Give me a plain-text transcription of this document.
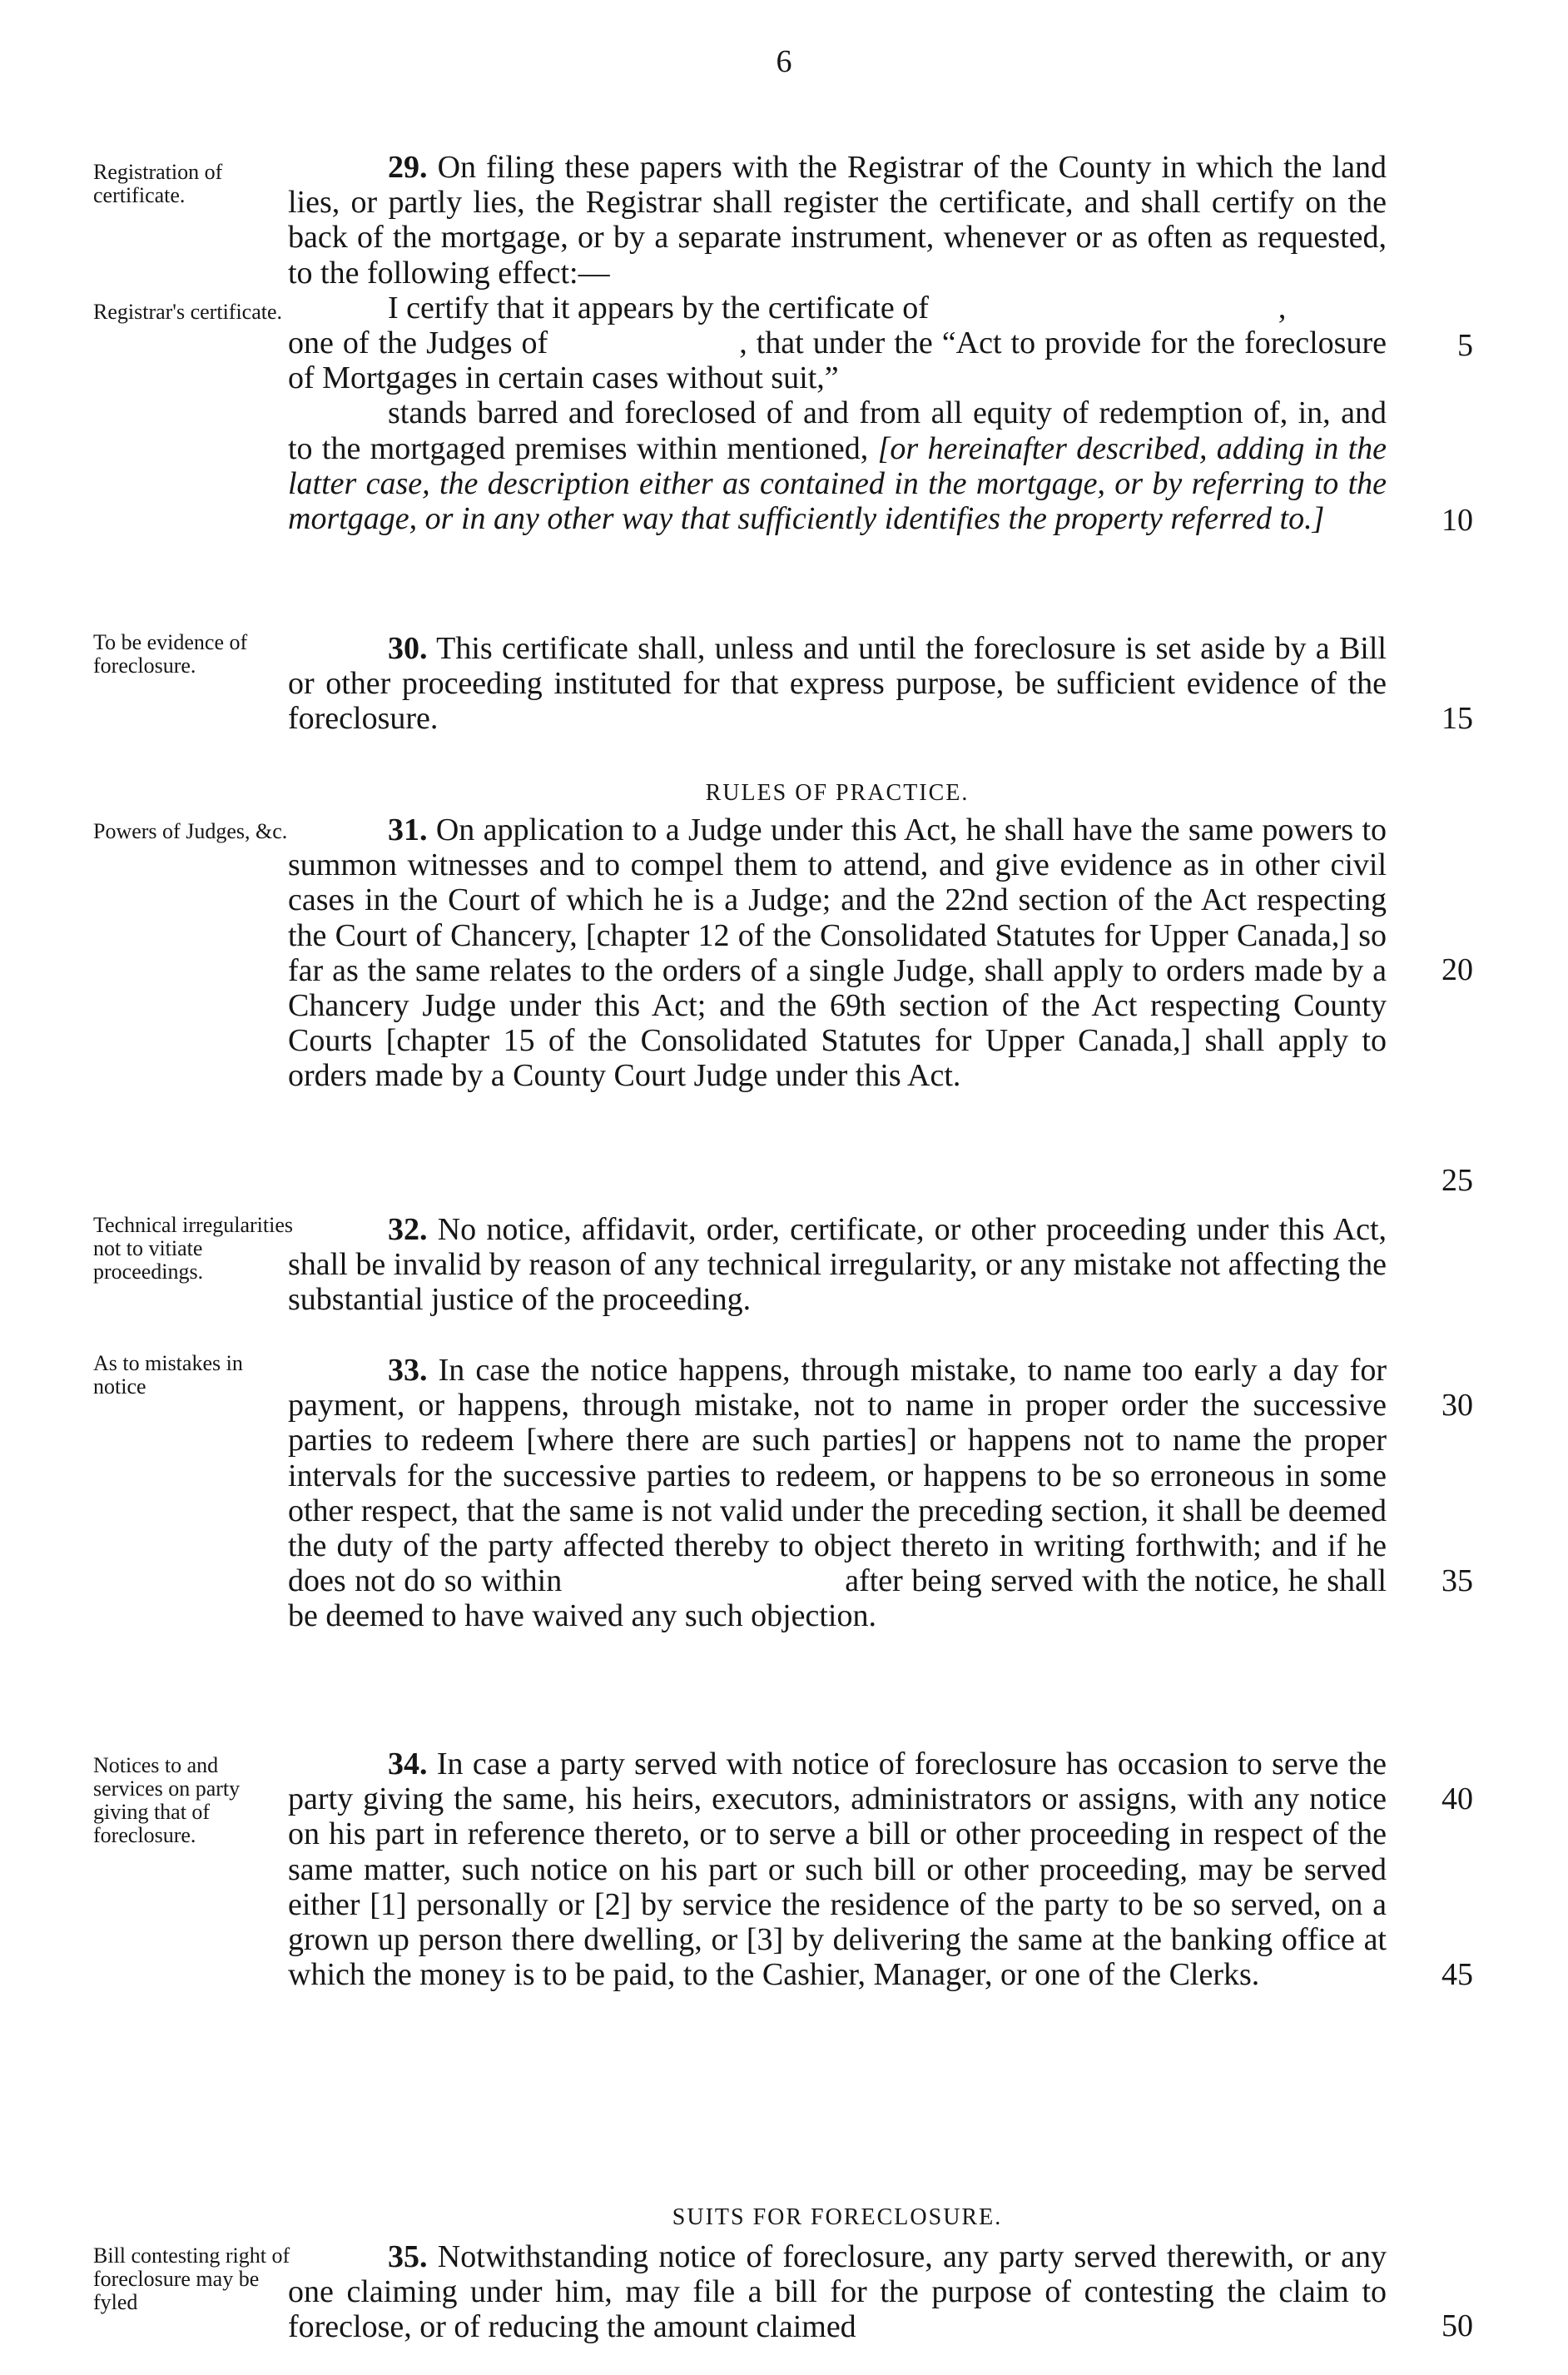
6
Registration of certificate.
Registrar's certificate.
To be evidence of foreclosure.
Powers of Judges, &c.
Technical irregularities not to vitiate proceedings.
As to mistakes in notice
Notices to and services on party giving that of foreclosure.
Bill contesting right of foreclosure may be fyled

29. On filing these papers with the Registrar of the County in which the land lies, or partly lies, the Registrar shall register the certificate, and shall certify on the back of the mortgage, or by a separate instrument, whenever or as often as requested, to the following effect:—

I certify that it appears by the certificate of	,

one of the Judges of	, that under the “Act to provide for the foreclosure of Mortgages in certain cases without suit,”

stands barred and foreclosed of and from all equity of redemption of, in, and to the mortgaged premises within mentioned, [or hereinafter described, adding in the latter case, the description either as contained in the mortgage, or by referring to the mortgage, or in any other way that sufficiently identifies the property referred to.]

30. This certificate shall, unless and until the foreclosure is set aside by a Bill or other proceeding instituted for that express purpose, be sufficient evidence of the foreclosure.

RULES OF PRACTICE.

31. On application to a Judge under this Act, he shall have the same powers to summon witnesses and to compel them to attend, and give evidence as in other civil cases in the Court of which he is a Judge; and the 22nd section of the Act respecting the Court of Chancery, [chapter 12 of the Consolidated Statutes for Upper Canada,] so far as the same relates to the orders of a single Judge, shall apply to orders made by a Chancery Judge under this Act; and the 69th section of the Act respecting County Courts [chapter 15 of the Consolidated Statutes for Upper Canada,] shall apply to orders made by a County Court Judge under this Act.

32. No notice, affidavit, order, certificate, or other proceeding under this Act, shall be invalid by reason of any technical irregularity, or any mistake not affecting the substantial justice of the proceeding.

33. In case the notice happens, through mistake, to name too early a day for payment, or happens, through mistake, not to name in proper order the successive parties to redeem [where there are such parties] or happens not to name the proper intervals for the successive parties to redeem, or happens to be so erroneous in some other respect, that the same is not valid under the preceding section, it shall be deemed the duty of the party affected thereby to object thereto in writing forthwith; and if he does not do so within	after being served with the notice, he shall be deemed to have waived any such objection.

34. In case a party served with notice of foreclosure has occasion to serve the party giving the same, his heirs, executors, administrators or assigns, with any notice on his part in reference thereto, or to serve a bill or other proceeding in respect of the same matter, such notice on his part or such bill or other proceeding, may be served either [1] personally or [2] by service the residence of the party to be so served, on a grown up person there dwelling, or [3] by delivering the same at the banking office at which the money is to be paid, to the Cashier, Manager, or one of the Clerks.

SUITS FOR FORECLOSURE.

35. Notwithstanding notice of foreclosure, any party served therewith, or any one claiming under him, may file a bill for the purpose of contesting the claim to foreclose, or of reducing the amount claimed

5
10
15
20
25
30
35
40
45
50
